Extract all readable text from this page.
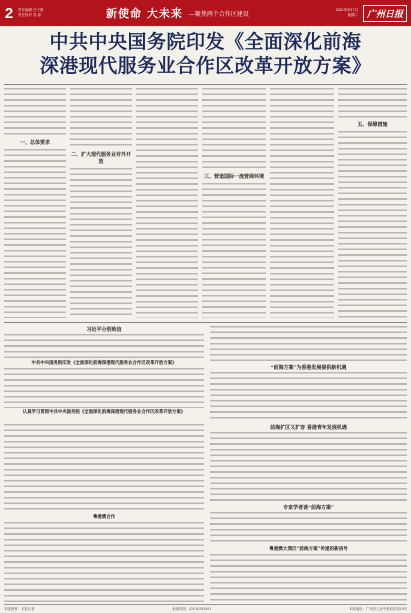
2	责任编辑 吕子豪
责任校对 苏 春	新使命 大未来 —聚焦两个合作区建设
2021年9月7日
星期二	广州日报
中共中央国务院印发《全面深化前海
深港现代服务业合作区改革开放方案》
一、总体要求
二、扩大现代服务业对外开放
三、营造国际一流营商环境
五、保障措施
习近平分别致信
中共中央国务院印发《全面深化前海深港现代服务业合作区改革开放方案》
认真学习贯彻中共中央国务院《全面深化前海深港现代服务业合作区改革开放方案》
粤港澳合作
“前海方案”为香港发展提供新机遇
前海扩区又扩容 香港青年发展机遇
专家学者谈“前海方案”
粤港澳大湾区“前海方案”传递的新信号
本版统筹：本报记者	新闻热线：020-81919191	本报地址：广州市人民中路同乐路10号
